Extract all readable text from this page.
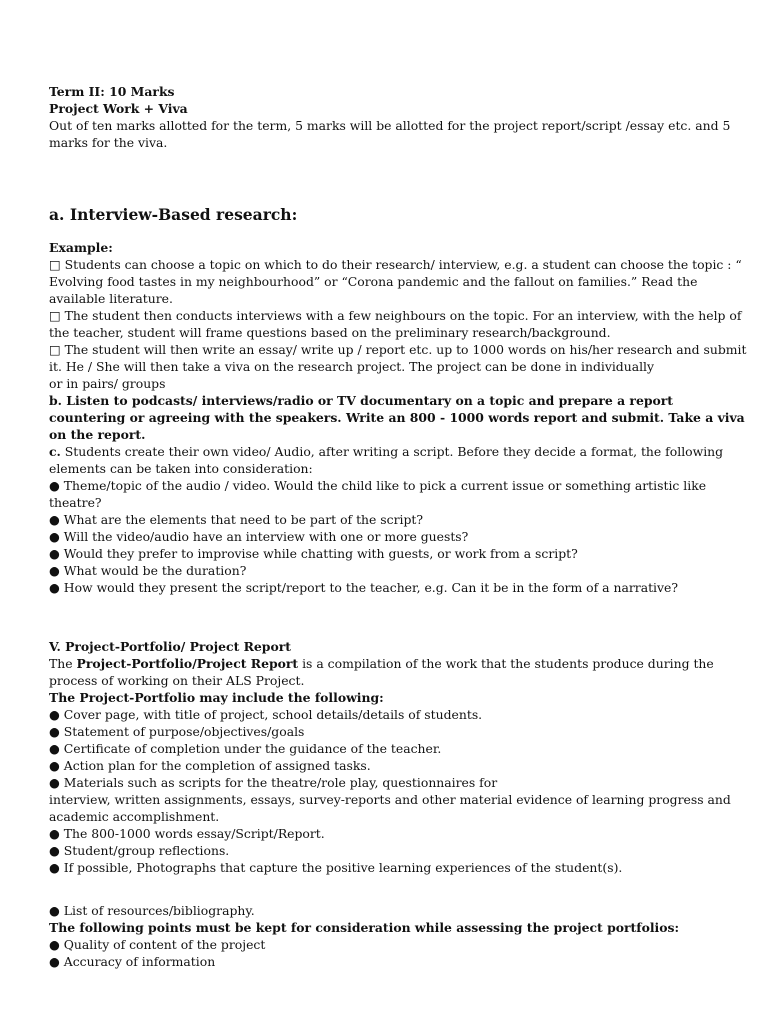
Term II: 10 Marks

Project Work + Viva

Out of ten marks allotted for the term, 5 marks will be allotted for the project report/script /essay etc. and 5 marks for the viva.

a. Interview-Based research:

Example:

□ Students can choose a topic on which to do their research/ interview, e.g. a student can choose the topic : “ Evolving food tastes in my neighbourhood” or “Corona pandemic and the fallout on families.” Read the available literature.

□ The student then conducts interviews with a few neighbours on the topic. For an interview, with the help of the teacher, student will frame questions based on the preliminary research/background.

□ The student will then write an essay/ write up / report etc. up to 1000 words on his/her research and submit it. He / She will then take a viva on the research project. The project can be done in individually

or in pairs/ groups

b. Listen to podcasts/ interviews/radio or TV documentary on a topic and prepare a report countering or agreeing with the speakers. Write an 800 - 1000 words report and submit. Take a viva on the report.

c. Students create their own video/ Audio, after writing a script. Before they decide a format, the following elements can be taken into consideration:

● Theme/topic of the audio / video. Would the child like to pick a current issue or something artistic like theatre?

● What are the elements that need to be part of the script?

● Will the video/audio have an interview with one or more guests?

● Would they prefer to improvise while chatting with guests, or work from a script?

● What would be the duration?

● How would they present the script/report to the teacher, e.g. Can it be in the form of a narrative?

V. Project-Portfolio/ Project Report

The Project-Portfolio/Project Report is a compilation of the work that the students produce during the process of working on their ALS Project.

The Project-Portfolio may include the following:

● Cover page, with title of project, school details/details of students.

● Statement of purpose/objectives/goals

● Certificate of completion under the guidance of the teacher.

● Action plan for the completion of assigned tasks.

● Materials such as scripts for the theatre/role play, questionnaires for

interview, written assignments, essays, survey-reports and other material evidence of learning progress and academic accomplishment.

● The 800-1000 words essay/Script/Report.

● Student/group reflections.

● If possible, Photographs that capture the positive learning experiences of the student(s).

● List of resources/bibliography.

The following points must be kept for consideration while assessing the project portfolios:

● Quality of content of the project

● Accuracy of information
